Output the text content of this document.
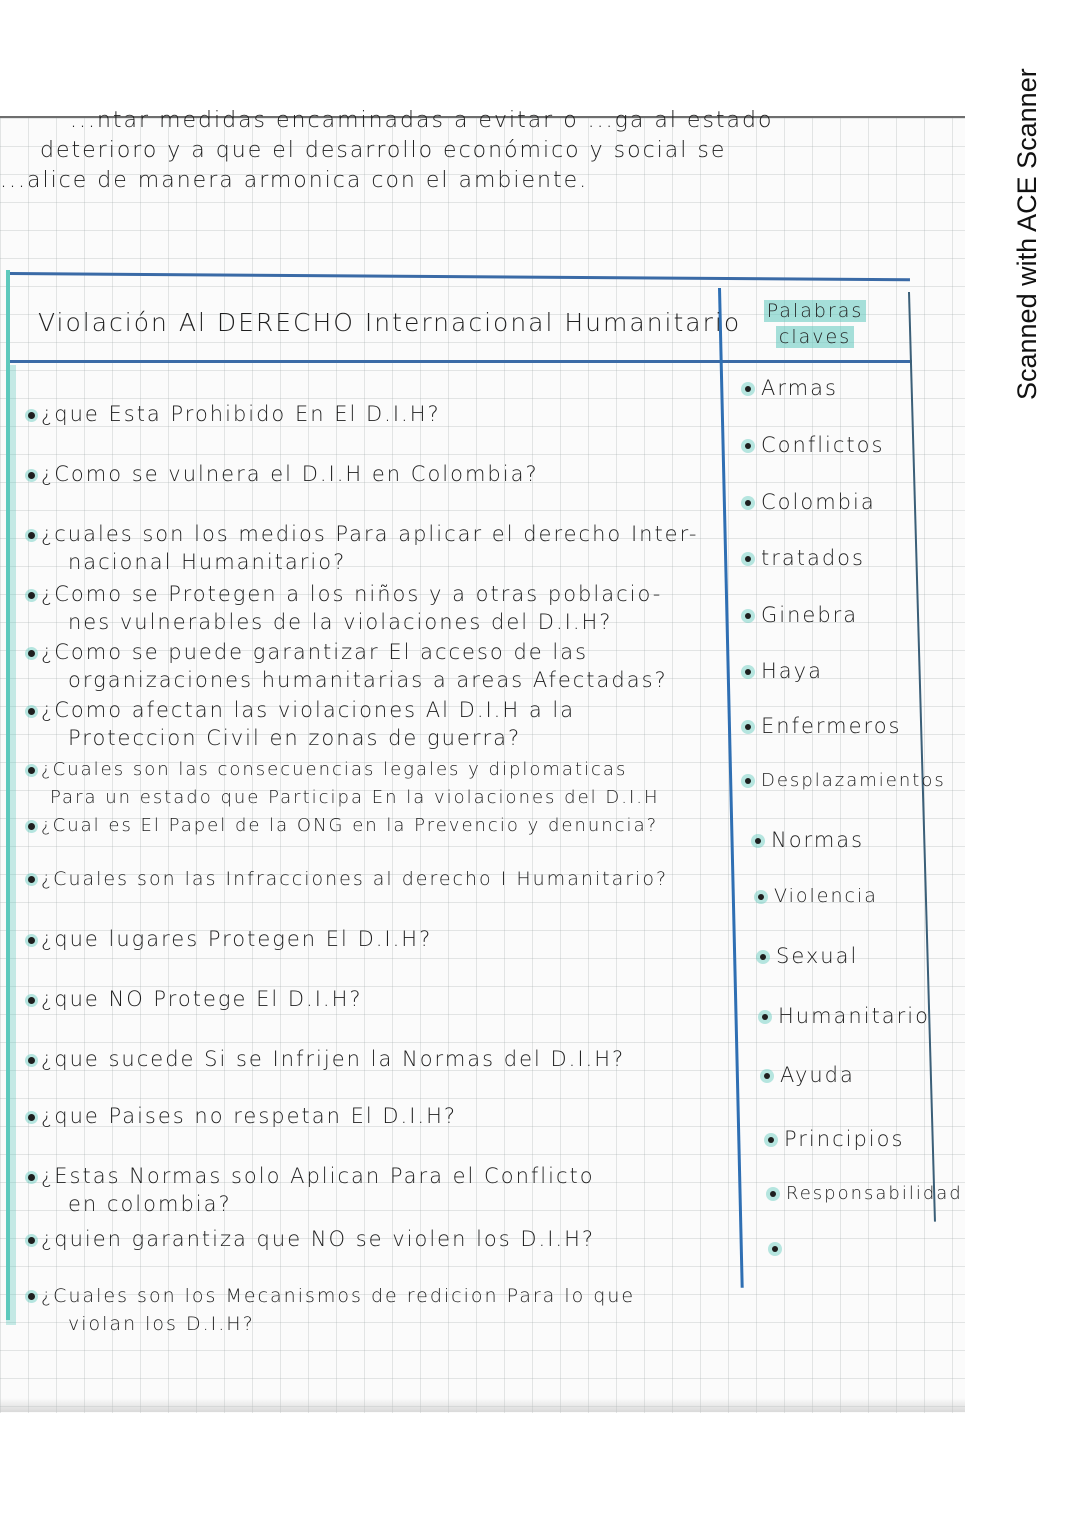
...ntar medidas encaminadas a evitar o ...ga al estado
deterioro y a que el desarrollo económico y social se
...alice de manera armonica con el ambiente.
Violación Al DERECHO Internacional Humanitario	Palabras
claves
¿que Esta Prohibido En El D.I.H?
¿Como se vulnera el D.I.H en Colombia?
¿cuales son los medios Para aplicar el derecho Inter-
nacional Humanitario?
¿Como se Protegen a los niños y a otras poblacio-
nes vulnerables de la violaciones del D.I.H?
¿Como se puede garantizar El acceso de las
organizaciones humanitarias a areas Afectadas?
¿Como afectan las violaciones Al D.I.H a la
Proteccion Civil en zonas de guerra?
¿Cuales son las consecuencias legales y diplomaticas
Para un estado que Participa En la violaciones del D.I.H
¿Cual es El Papel de la ONG en la Prevencio y denuncia?
¿Cuales son las Infracciones al derecho I Humanitario?
¿que lugares Protegen El D.I.H?
¿que NO Protege El D.I.H?
¿que sucede Si se Infrijen la Normas del D.I.H?
¿que Paises no respetan El D.I.H?
¿Estas Normas solo Aplican Para el Conflicto
en colombia?
¿quien garantiza que NO se violen los D.I.H?
¿Cuales son los Mecanismos de redicion Para lo que
violan los D.I.H?
Armas
Conflictos
Colombia
tratados
Ginebra
Haya
Enfermeros
Desplazamientos
Normas
Violencia
Sexual
Humanitario
Ayuda
Principios
Responsabilidad
Scanned with ACE Scanner
